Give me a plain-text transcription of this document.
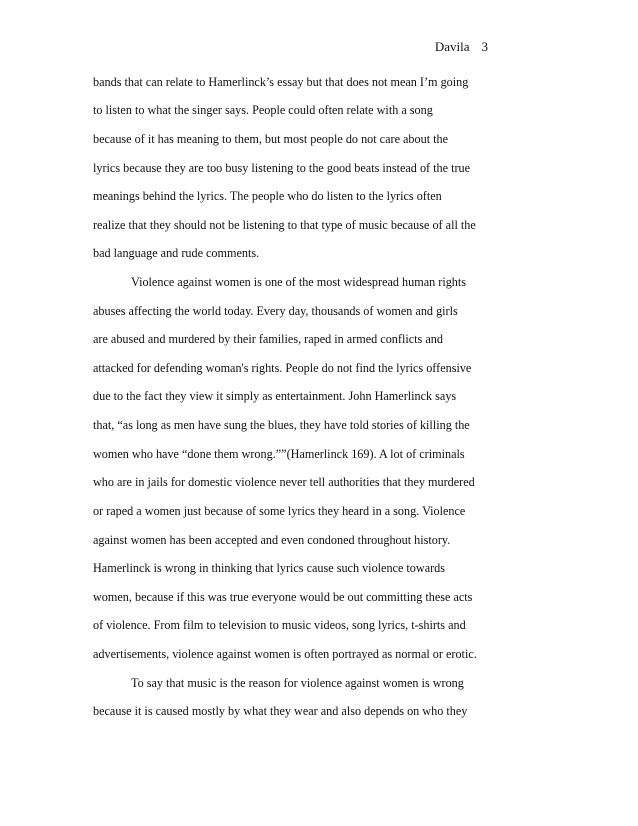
Davila 3
bands that can relate to Hamerlinck’s essay but that does not mean I’m going
to listen to what the singer says. People could often relate with a song
because of it has meaning to them, but most people do not care about the
lyrics because they are too busy listening to the good beats instead of the true
meanings behind the lyrics. The people who do listen to the lyrics often
realize that they should not be listening to that type of music because of all the
bad language and rude comments.
Violence against women is one of the most widespread human rights
abuses affecting the world today. Every day, thousands of women and girls
are abused and murdered by their families, raped in armed conflicts and
attacked for defending woman's rights. People do not find the lyrics offensive
due to the fact they view it simply as entertainment. John Hamerlinck says
that, “as long as men have sung the blues, they have told stories of killing the
women who have “done them wrong.””(Hamerlinck 169). A lot of criminals
who are in jails for domestic violence never tell authorities that they murdered
or raped a women just because of some lyrics they heard in a song. Violence
against women has been accepted and even condoned throughout history.
Hamerlinck is wrong in thinking that lyrics cause such violence towards
women, because if this was true everyone would be out committing these acts
of violence. From film to television to music videos, song lyrics, t-shirts and
advertisements, violence against women is often portrayed as normal or erotic.
To say that music is the reason for violence against women is wrong
because it is caused mostly by what they wear and also depends on who they
